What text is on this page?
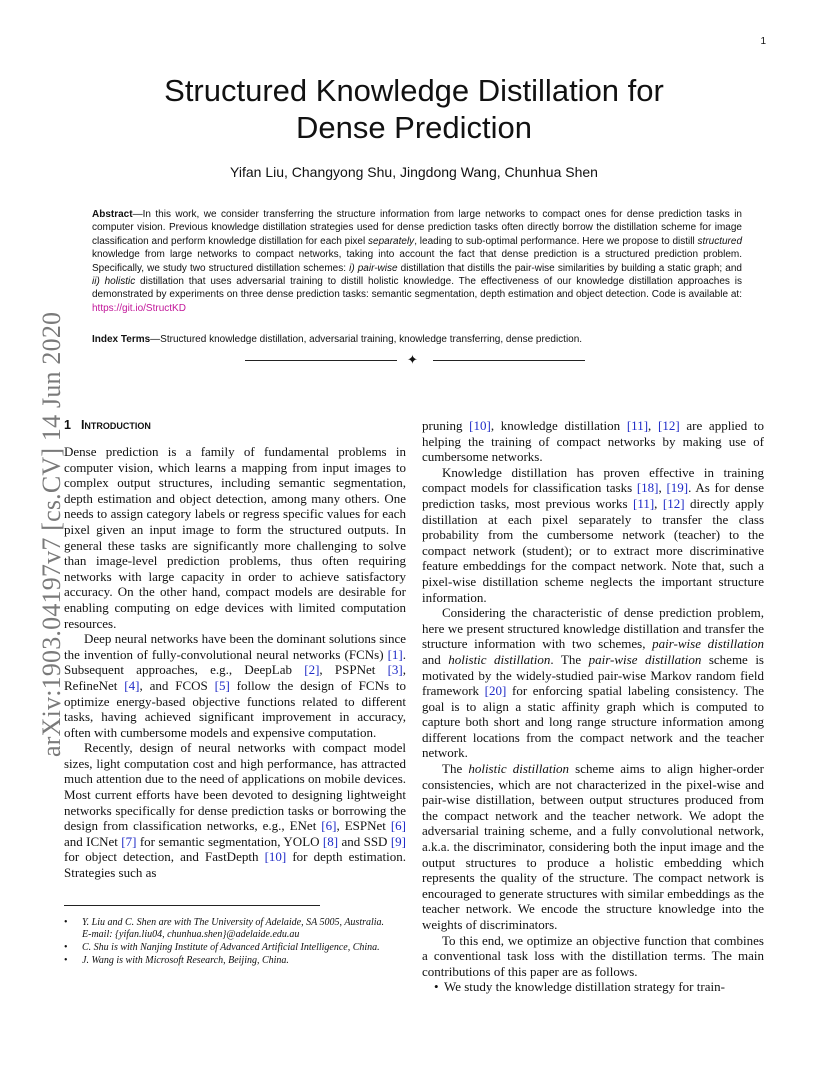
1
arXiv:1903.04197v7 [cs.CV] 14 Jun 2020
Structured Knowledge Distillation for
Dense Prediction
Yifan Liu, Changyong Shu, Jingdong Wang, Chunhua Shen

Abstract—In this work, we consider transferring the structure information from large networks to compact ones for dense prediction tasks in computer vision. Previous knowledge distillation strategies used for dense prediction tasks often directly borrow the distillation scheme for image classification and perform knowledge distillation for each pixel separately, leading to sub-optimal performance. Here we propose to distill structured knowledge from large networks to compact networks, taking into account the fact that dense prediction is a structured prediction problem. Specifically, we study two structured distillation schemes: i) pair-wise distillation that distills the pair-wise similarities by building a static graph; and ii) holistic distillation that uses adversarial training to distill holistic knowledge. The effectiveness of our knowledge distillation approaches is demonstrated by experiments on three dense prediction tasks: semantic segmentation, depth estimation and object detection. Code is available at: https://git.io/StructKD

Index Terms—Structured knowledge distillation, adversarial training, knowledge transferring, dense prediction.

✦
1 Introduction

Dense prediction is a family of fundamental problems in computer vision, which learns a mapping from input images to complex output structures, including semantic segmentation, depth estimation and object detection, among many others. One needs to assign category labels or regress specific values for each pixel given an input image to form the structured outputs. In general these tasks are significantly more challenging to solve than image-level prediction problems, thus often requiring networks with large capacity in order to achieve satisfactory accuracy. On the other hand, compact models are desirable for enabling computing on edge devices with limited computation resources.

Deep neural networks have been the dominant solutions since the invention of fully-convolutional neural networks (FCNs) [1]. Subsequent approaches, e.g., DeepLab [2], PSPNet [3], RefineNet [4], and FCOS [5] follow the design of FCNs to optimize energy-based objective functions related to different tasks, having achieved significant improvement in accuracy, often with cumbersome models and expensive computation.

Recently, design of neural networks with compact model sizes, light computation cost and high performance, has attracted much attention due to the need of applications on mobile devices. Most current efforts have been devoted to designing lightweight networks specifically for dense prediction tasks or borrowing the design from classification networks, e.g., ENet [6], ESPNet [6] and ICNet [7] for semantic segmentation, YOLO [8] and SSD [9] for object detection, and FastDepth [10] for depth estimation. Strategies such as

• Y. Liu and C. Shen are with The University of Adelaide, SA 5005, Australia.
E-mail: {yifan.liu04, chunhua.shen}@adelaide.edu.au
• C. Shu is with Nanjing Institute of Advanced Artificial Intelligence, China.
• J. Wang is with Microsoft Research, Beijing, China.

pruning [10], knowledge distillation [11], [12] are applied to helping the training of compact networks by making use of cumbersome networks.

Knowledge distillation has proven effective in training compact models for classification tasks [18], [19]. As for dense prediction tasks, most previous works [11], [12] directly apply distillation at each pixel separately to transfer the class probability from the cumbersome network (teacher) to the compact network (student); or to extract more discriminative feature embeddings for the compact network. Note that, such a pixel-wise distillation scheme neglects the important structure information.

Considering the characteristic of dense prediction problem, here we present structured knowledge distillation and transfer the structure information with two schemes, pair-wise distillation and holistic distillation. The pair-wise distillation scheme is motivated by the widely-studied pair-wise Markov random field framework [20] for enforcing spatial labeling consistency. The goal is to align a static affinity graph which is computed to capture both short and long range structure information among different locations from the compact network and the teacher network.

The holistic distillation scheme aims to align higher-order consistencies, which are not characterized in the pixel-wise and pair-wise distillation, between output structures produced from the compact network and the teacher network. We adopt the adversarial training scheme, and a fully convolutional network, a.k.a. the discriminator, considering both the input image and the output structures to produce a holistic embedding which represents the quality of the structure. The compact network is encouraged to generate structures with similar embeddings as the teacher network. We encode the structure knowledge into the weights of discriminators.

To this end, we optimize an objective function that combines a conventional task loss with the distillation terms. The main contributions of this paper are as follows.

• We study the knowledge distillation strategy for train-
